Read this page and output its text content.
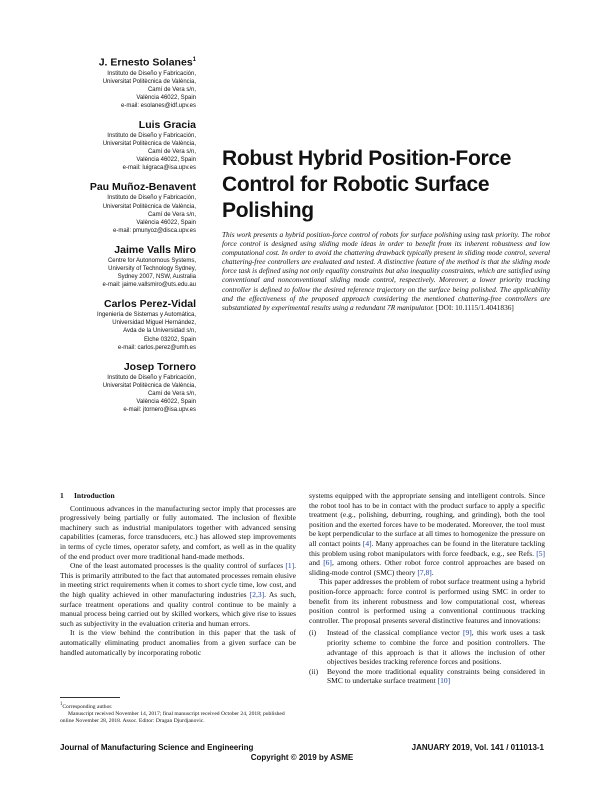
J. Ernesto Solanes$^1$
Instituto de Diseño y Fabricación,
Universitat Politècnica de València,
Camí de Vera s/n,
València 46022, Spain
e-mail: esolanes@idf.upv.es
Luis Gracia
Instituto de Diseño y Fabricación,
Universitat Politècnica de València,
Camí de Vera s/n,
València 46022, Spain
e-mail: luigraca@isa.upv.es
Pau Muñoz-Benavent
Instituto de Diseño y Fabricación,
Universitat Politècnica de València,
Camí de Vera s/n,
València 46022, Spain
e-mail: pmunyoz@disca.upv.es
Jaime Valls Miro
Centre for Autonomous Systems,
University of Technology Sydney,
Sydney 2007, NSW, Australia
e-mail: jaime.vallsmiro@uts.edu.au
Carlos Perez-Vidal
Ingeniería de Sistemas y Automática,
Universidad Miguel Hernández,
Avda de la Universidad s/n,
Elche 03202, Spain
e-mail: carlos.perez@umh.es
Josep Tornero
Instituto de Diseño y Fabricación,
Universitat Politècnica de València,
Camí de Vera s/n,
València 46022, Spain
e-mail: jtornero@isa.upv.es
Robust Hybrid Position-Force Control for Robotic Surface Polishing
This work presents a hybrid position-force control of robots for surface polishing using task priority. The robot force control is designed using sliding mode ideas in order to benefit from its inherent robustness and low computational cost. In order to avoid the chattering drawback typically present in sliding mode control, several chattering-free controllers are evaluated and tested. A distinctive feature of the method is that the sliding mode force task is defined using not only equality constraints but also inequality constraints, which are satisfied using conventional and nonconventional sliding mode control, respectively. Moreover, a lower priority tracking controller is defined to follow the desired reference trajectory on the surface being polished. The applicability and the effectiveness of the proposed approach considering the mentioned chattering-free controllers are substantiated by experimental results using a redundant 7R manipulator. [DOI: 10.1115/1.4041836]
1 Introduction

Continuous advances in the manufacturing sector imply that processes are progressively being partially or fully automated. The inclusion of flexible machinery such as industrial manipulators together with advanced sensing capabilities (cameras, force transducers, etc.) has allowed step improvements in terms of cycle times, operator safety, and comfort, as well as in the quality of the end product over more traditional hand-made methods.

One of the least automated processes is the quality control of surfaces [1]. This is primarily attributed to the fact that automated processes remain elusive in meeting strict requirements when it comes to short cycle time, low cost, and the high quality achieved in other manufacturing industries [2,3]. As such, surface treatment operations and quality control continue to be mainly a manual process being carried out by skilled workers, which give rise to issues such as subjectivity in the evaluation criteria and human errors.

It is the view behind the contribution in this paper that the task of automatically eliminating product anomalies from a given surface can be handled automatically by incorporating robotic

$^1$Corresponding author.

Manuscript received November 14, 2017; final manuscript received October 24, 2018; published online November 28, 2018. Assoc. Editor: Dragan Djurdjanovic.

systems equipped with the appropriate sensing and intelligent controls. Since the robot tool has to be in contact with the product surface to apply a specific treatment (e.g., polishing, deburring, roughing, and grinding), both the tool position and the exerted forces have to be moderated. Moreover, the tool must be kept perpendicular to the surface at all times to homogenize the pressure on all contact points [4]. Many approaches can be found in the literature tackling this problem using robot manipulators with force feedback, e.g., see Refs. [5] and [6], among others. Other robot force control approaches are based on sliding-mode control (SMC) theory [7,8].

This paper addresses the problem of robot surface treatment using a hybrid position-force approach: force control is performed using SMC in order to benefit from its inherent robustness and low computational cost, whereas position control is performed using a conventional continuous tracking controller. The proposal presents several distinctive features and innovations:

(i) Instead of the classical compliance vector [9], this work uses a task priority scheme to combine the force and position controllers. The advantage of this approach is that it allows the inclusion of other objectives besides tracking reference forces and positions.
(ii) Beyond the more traditional equality constraints being considered in SMC to undertake surface treatment [10]
Journal of Manufacturing Science and Engineering	JANUARY 2019, Vol. 141 / 011013-1
Copyright © 2019 by ASME
